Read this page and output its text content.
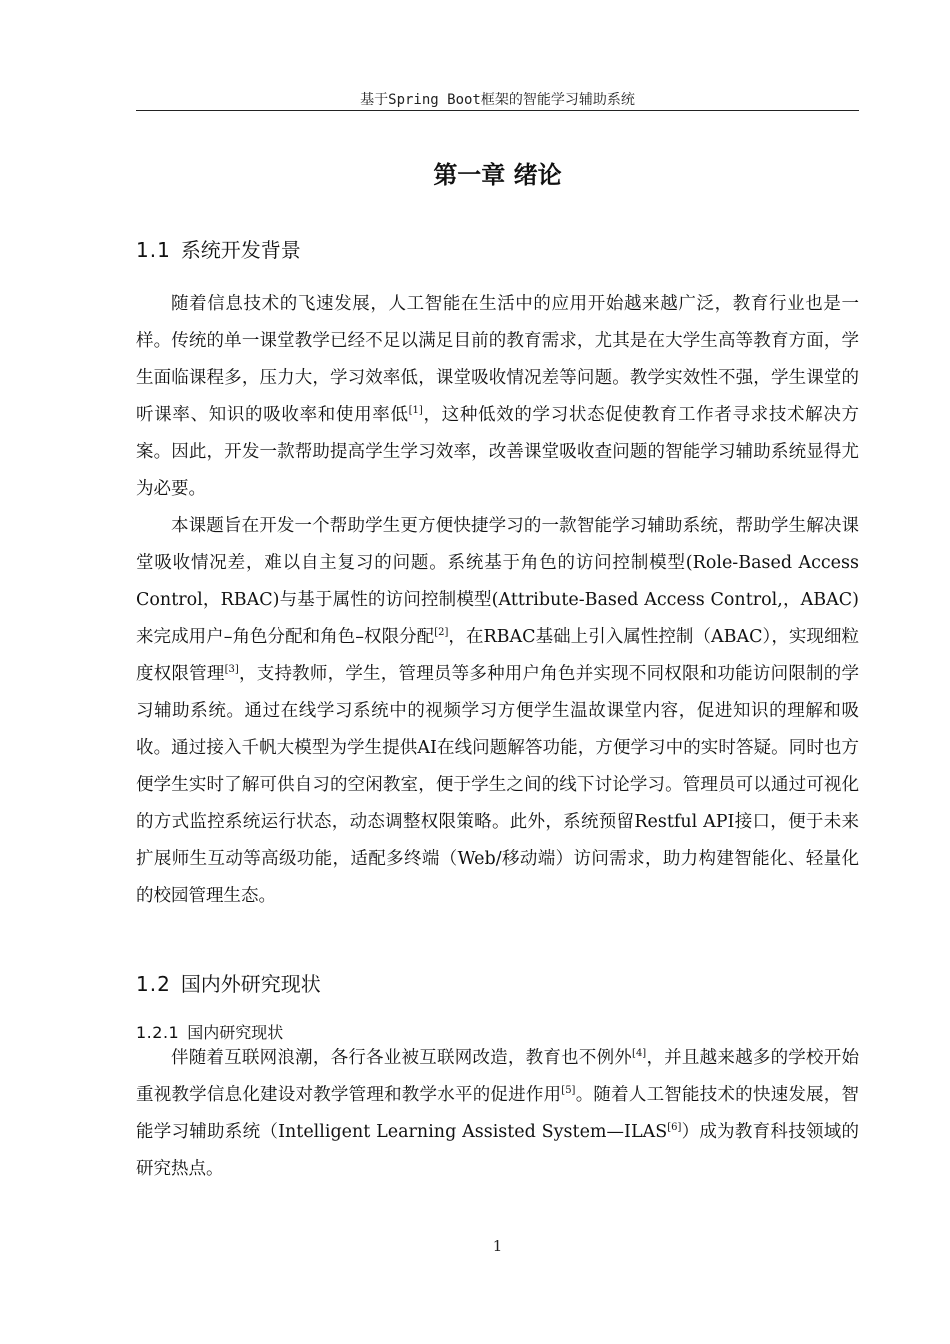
基于Spring Boot框架的智能学习辅助系统
第一章 绪论
1.1 系统开发背景
随着信息技术的飞速发展，人工智能在生活中的应用开始越来越广泛，教育行业也是一样。传统的单一课堂教学已经不足以满足目前的教育需求，尤其是在大学生高等教育方面，学生面临课程多，压力大，学习效率低，课堂吸收情况差等问题。教学实效性不强，学生课堂的听课率、知识的吸收率和使用率低[1]，这种低效的学习状态促使教育工作者寻求技术解决方案。因此，开发一款帮助提高学生学习效率，改善课堂吸收查问题的智能学习辅助系统显得尤为必要。
本课题旨在开发一个帮助学生更方便快捷学习的一款智能学习辅助系统，帮助学生解决课堂吸收情况差，难以自主复习的问题。系统基于角色的访问控制模型(Role-Based Access Control，RBAC)与基于属性的访问控制模型(Attribute-Based Access Control,，ABAC)来完成用户–角色分配和角色–权限分配[2]，在RBAC基础上引入属性控制（ABAC），实现细粒度权限管理[3]，支持教师，学生，管理员等多种用户角色并实现不同权限和功能访问限制的学习辅助系统。通过在线学习系统中的视频学习方便学生温故课堂内容，促进知识的理解和吸收。通过接入千帆大模型为学生提供AI在线问题解答功能，方便学习中的实时答疑。同时也方便学生实时了解可供自习的空闲教室，便于学生之间的线下讨论学习。管理员可以通过可视化的方式监控系统运行状态，动态调整权限策略。此外，系统预留Restful API接口，便于未来扩展师生互动等高级功能，适配多终端（Web/移动端）访问需求，助力构建智能化、轻量化的校园管理生态。
1.2 国内外研究现状
1.2.1 国内研究现状
伴随着互联网浪潮，各行各业被互联网改造，教育也不例外[4]，并且越来越多的学校开始重视教学信息化建设对教学管理和教学水平的促进作用[5]。随着人工智能技术的快速发展，智能学习辅助系统（Intelligent Learning Assisted System—ILAS[6]）成为教育科技领域的研究热点。
1
